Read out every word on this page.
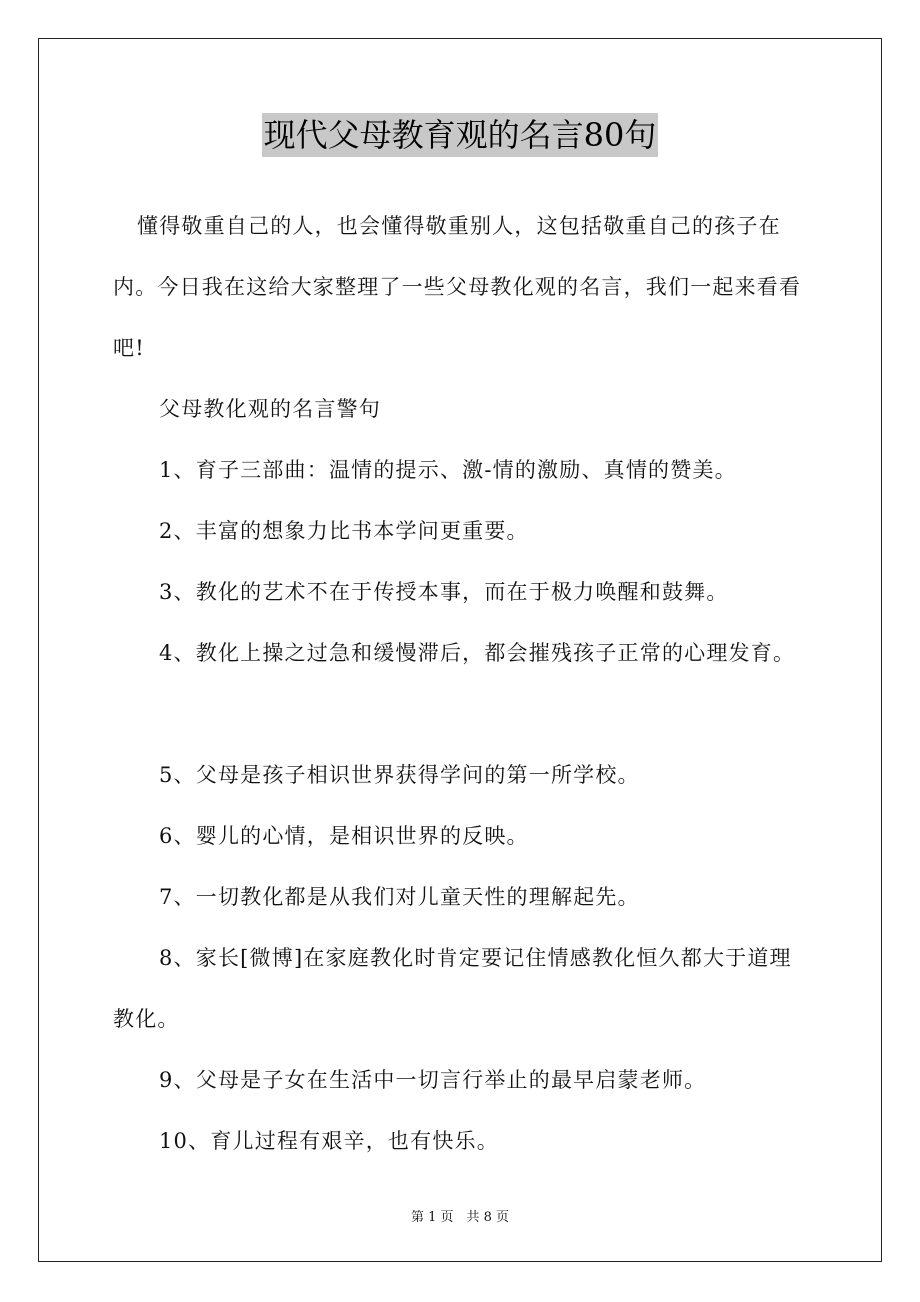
现代父母教育观的名言80句

懂得敬重自己的人，也会懂得敬重别人，这包括敬重自己的孩子在内。今日我在这给大家整理了一些父母教化观的名言，我们一起来看看吧!

父母教化观的名言警句

1、育子三部曲：温情的提示、激-情的激励、真情的赞美。

2、丰富的想象力比书本学问更重要。

3、教化的艺术不在于传授本事，而在于极力唤醒和鼓舞。

4、教化上操之过急和缓慢滞后，都会摧残孩子正常的心理发育。

5、父母是孩子相识世界获得学问的第一所学校。

6、婴儿的心情，是相识世界的反映。

7、一切教化都是从我们对儿童天性的理解起先。

8、家长[微博]在家庭教化时肯定要记住情感教化恒久都大于道理教化。

9、父母是子女在生活中一切言行举止的最早启蒙老师。

10、育儿过程有艰辛，也有快乐。

第 1 页　共 8 页
